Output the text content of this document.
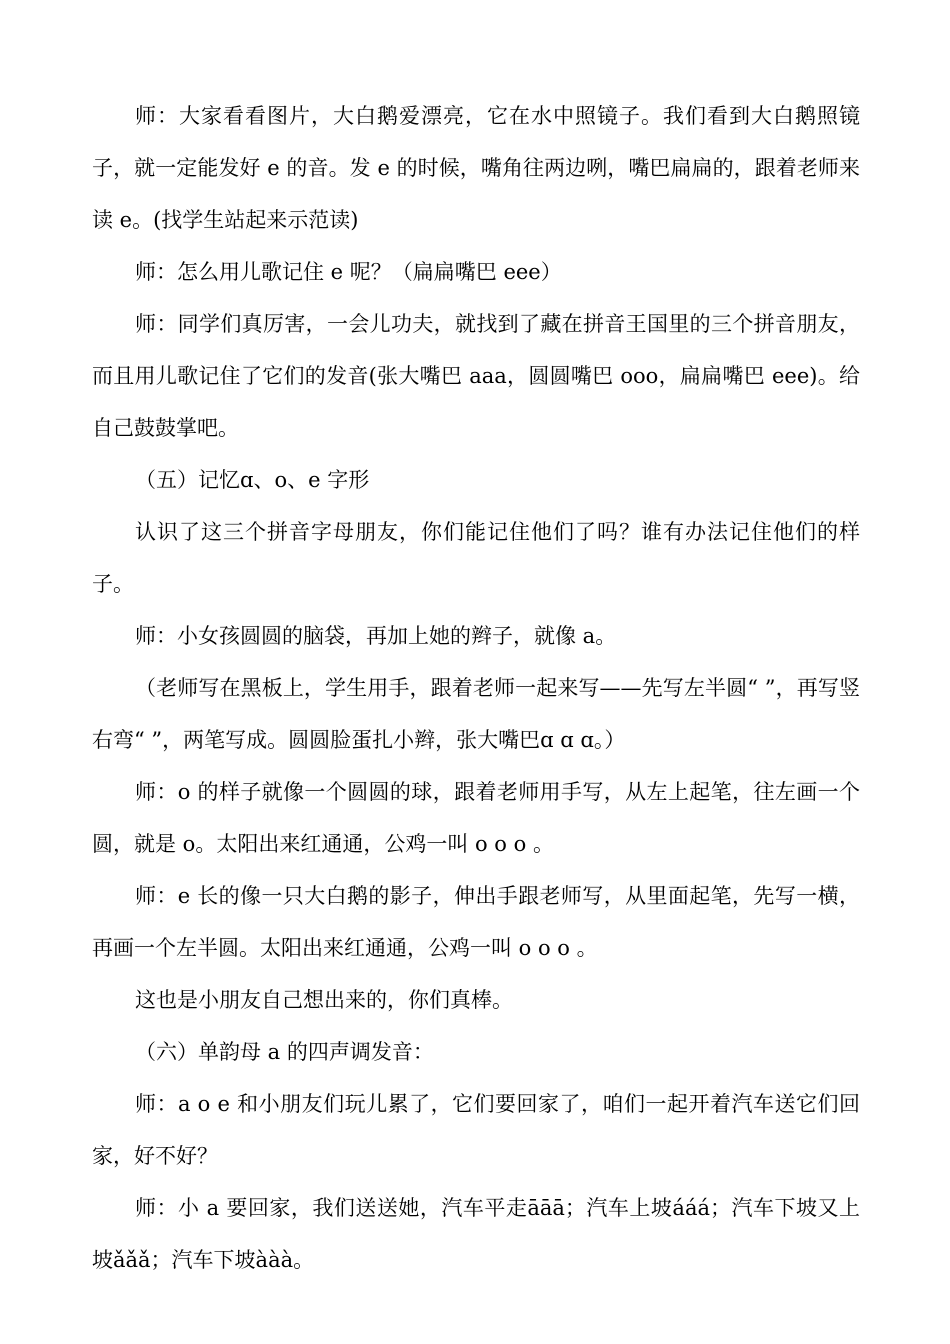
师：大家看看图片，大白鹅爱漂亮，它在水中照镜子。我们看到大白鹅照镜子，就一定能发好 e 的音。发 e 的时候，嘴角往两边咧，嘴巴扁扁的，跟着老师来读 e。(找学生站起来示范读)

师：怎么用儿歌记住 e 呢？（扁扁嘴巴 eee）

师：同学们真厉害，一会儿功夫，就找到了藏在拼音王国里的三个拼音朋友，而且用儿歌记住了它们的发音(张大嘴巴 aaa，圆圆嘴巴 ooo，扁扁嘴巴 eee)。给自己鼓鼓掌吧。

（五）记忆ɑ、o、e 字形

认识了这三个拼音字母朋友，你们能记住他们了吗？谁有办法记住他们的样子。

师：小女孩圆圆的脑袋，再加上她的辫子，就像 a。

（老师写在黑板上，学生用手，跟着老师一起来写——先写左半圆“ ”，再写竖右弯“ ”，两笔写成。圆圆脸蛋扎小辫，张大嘴巴ɑ ɑ ɑ。）

师：o 的样子就像一个圆圆的球，跟着老师用手写，从左上起笔，往左画一个圆，就是 o。太阳出来红通通，公鸡一叫 o o o 。

师：e 长的像一只大白鹅的影子，伸出手跟老师写，从里面起笔，先写一横，再画一个左半圆。太阳出来红通通，公鸡一叫 o o o 。

这也是小朋友自己想出来的，你们真棒。

（六）单韵母 a 的四声调发音：

师：a o e 和小朋友们玩儿累了，它们要回家了，咱们一起开着汽车送它们回家，好不好？

师：小 a 要回家，我们送送她，汽车平走āāā；汽车上坡ááá；汽车下坡又上坡ǎǎǎ；汽车下坡ààà。
